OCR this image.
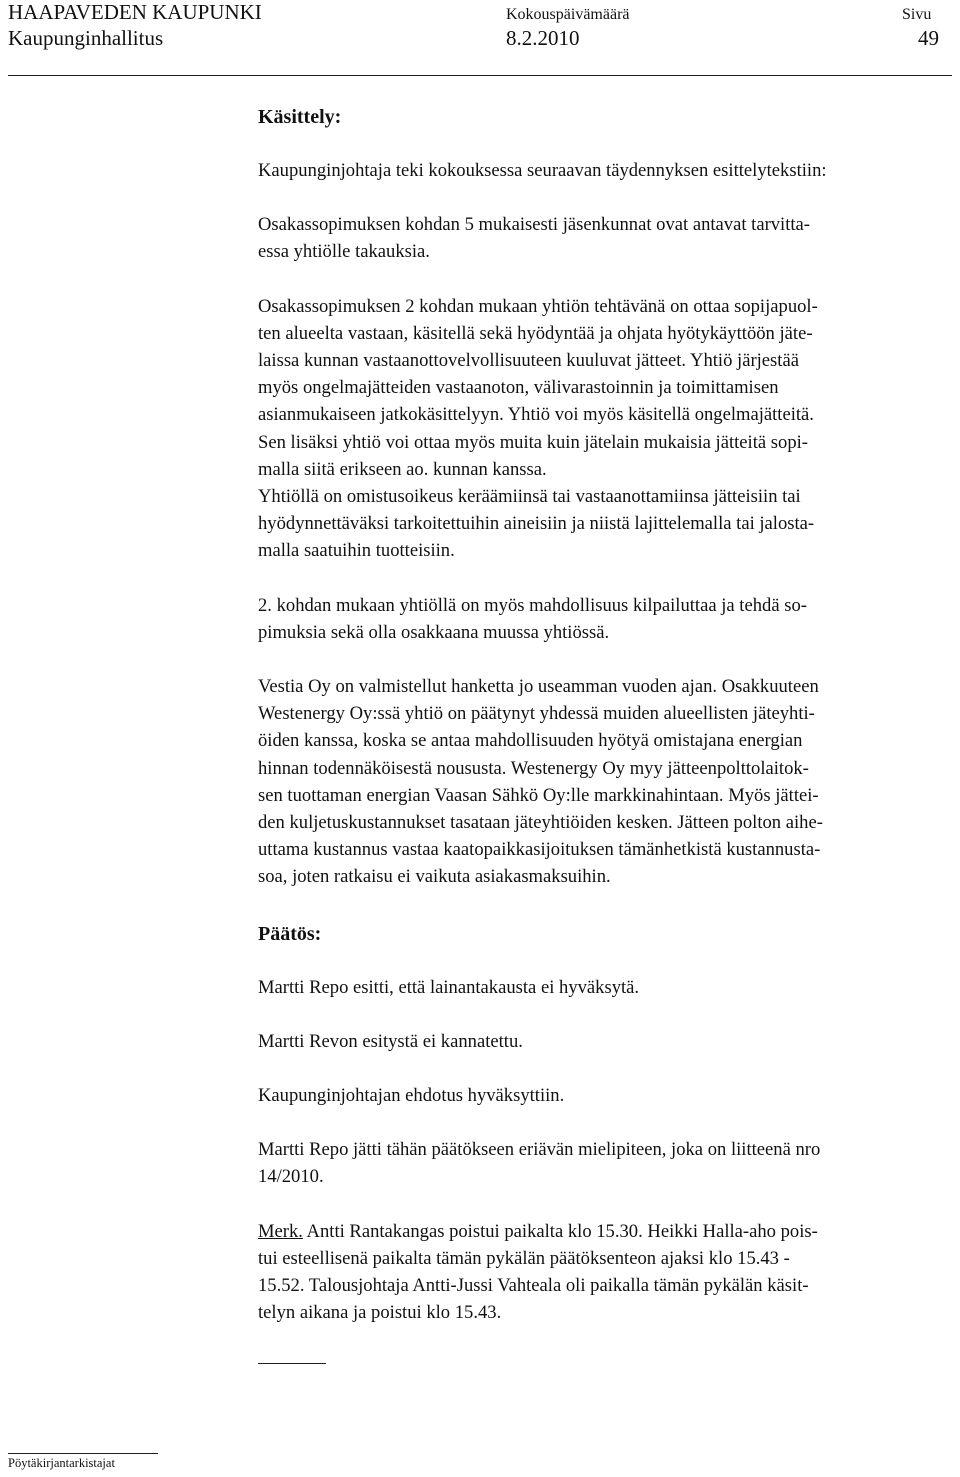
HAAPAVEDEN KAUPUNKI
Kaupunginhallitus
Kokouspäivämäärä
8.2.2010
Sivu
49
Käsittely:
Kaupunginjohtaja teki kokouksessa seuraavan täydennyksen esittelytekstiin:
Osakassopimuksen kohdan 5 mukaisesti jäsenkunnat ovat antavat tarvitta-
essa yhtiölle takauksia.
Osakassopimuksen 2 kohdan mukaan yhtiön tehtävänä on ottaa sopijapuol-
ten alueelta vastaan, käsitellä sekä hyödyntää ja ohjata hyötykäyttöön jäte-
laissa kunnan vastaanottovelvollisuuteen kuuluvat jätteet. Yhtiö järjestää
myös ongelmajätteiden vastaanoton, välivarastoinnin ja toimittamisen
asianmukaiseen jatkokäsittelyyn. Yhtiö voi myös käsitellä ongelmajätteitä.
Sen lisäksi yhtiö voi ottaa myös muita kuin jätelain mukaisia jätteitä sopi-
malla siitä erikseen ao. kunnan kanssa.
Yhtiöllä on omistusoikeus keräämiinsä tai vastaanottamiinsa jätteisiin tai
hyödynnettäväksi tarkoitettuihin aineisiin ja niistä lajittelemalla tai jalosta-
malla saatuihin tuotteisiin.
2. kohdan mukaan yhtiöllä on myös mahdollisuus kilpailuttaa ja tehdä so-
pimuksia sekä olla osakkaana muussa yhtiössä.
Vestia Oy on valmistellut hanketta jo useamman vuoden ajan. Osakkuuteen
Westenergy Oy:ssä yhtiö on päätynyt yhdessä muiden alueellisten jäteyhti-
öiden kanssa, koska se antaa mahdollisuuden hyötyä omistajana energian
hinnan todennäköisestä noususta. Westenergy Oy myy jätteenpolttolaitok-
sen tuottaman energian Vaasan Sähkö Oy:lle markkinahintaan. Myös jättei-
den kuljetuskustannukset tasataan jäteyhtiöiden kesken. Jätteen polton aihe-
uttama kustannus vastaa kaatopaikkasijoituksen tämänhetkistä kustannusta-
soa, joten ratkaisu ei vaikuta asiakasmaksuihin.
Päätös:
Martti Repo esitti, että lainantakausta ei hyväksytä.
Martti Revon esitystä ei kannatettu.
Kaupunginjohtajan ehdotus hyväksyttiin.
Martti Repo jätti tähän päätökseen eriävän mielipiteen, joka on liitteenä nro
14/2010.
Merk. Antti Rantakangas poistui paikalta klo 15.30. Heikki Halla-aho pois-
tui esteellisenä paikalta tämän pykälän päätöksenteon ajaksi klo 15.43 -
15.52. Talousjohtaja Antti-Jussi Vahteala oli paikalla tämän pykälän käsit-
telyn aikana ja poistui klo 15.43.
Pöytäkirjantarkistajat
